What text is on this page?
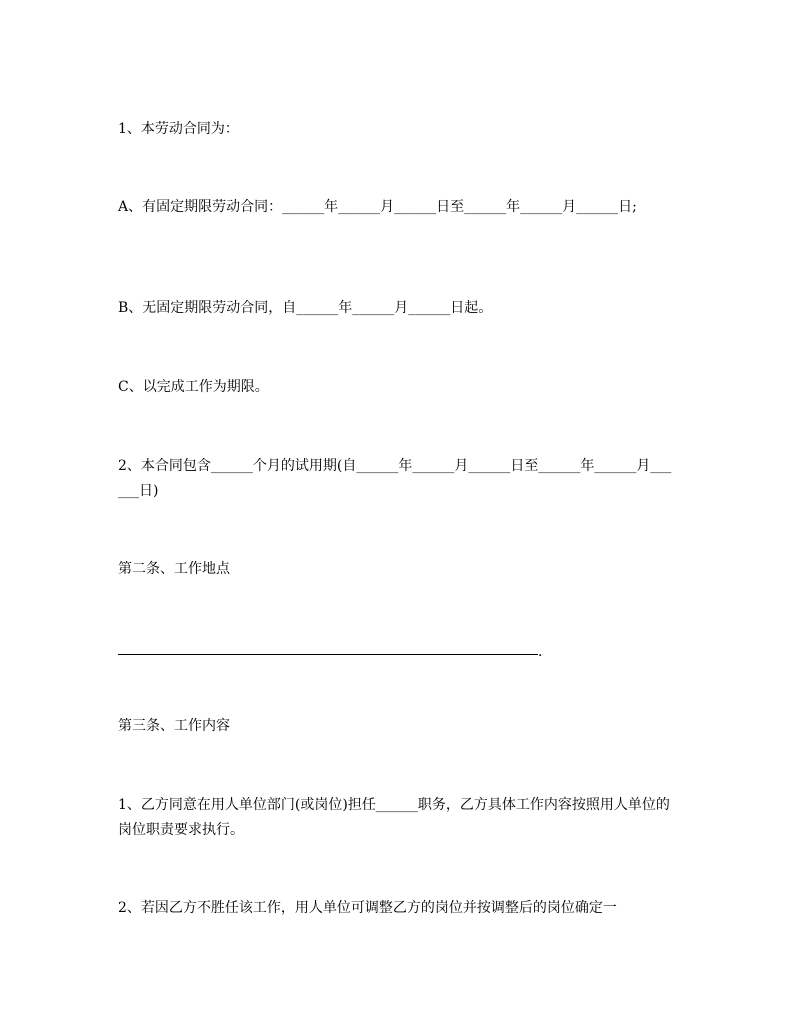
1、本劳动合同为：
A、有固定期限劳动合同：______年______月______日至______年______月______日;
B、无固定期限劳动合同，自______年______月______日起。
C、以完成工作为期限。
2、本合同包含______个月的试用期(自______年______月______日至______年______月______日)
第二条、工作地点
.
第三条、工作内容
1、乙方同意在用人单位部门(或岗位)担任______职务，乙方具体工作内容按照用人单位的岗位职责要求执行。
2、若因乙方不胜任该工作，用人单位可调整乙方的岗位并按调整后的岗位确定一
